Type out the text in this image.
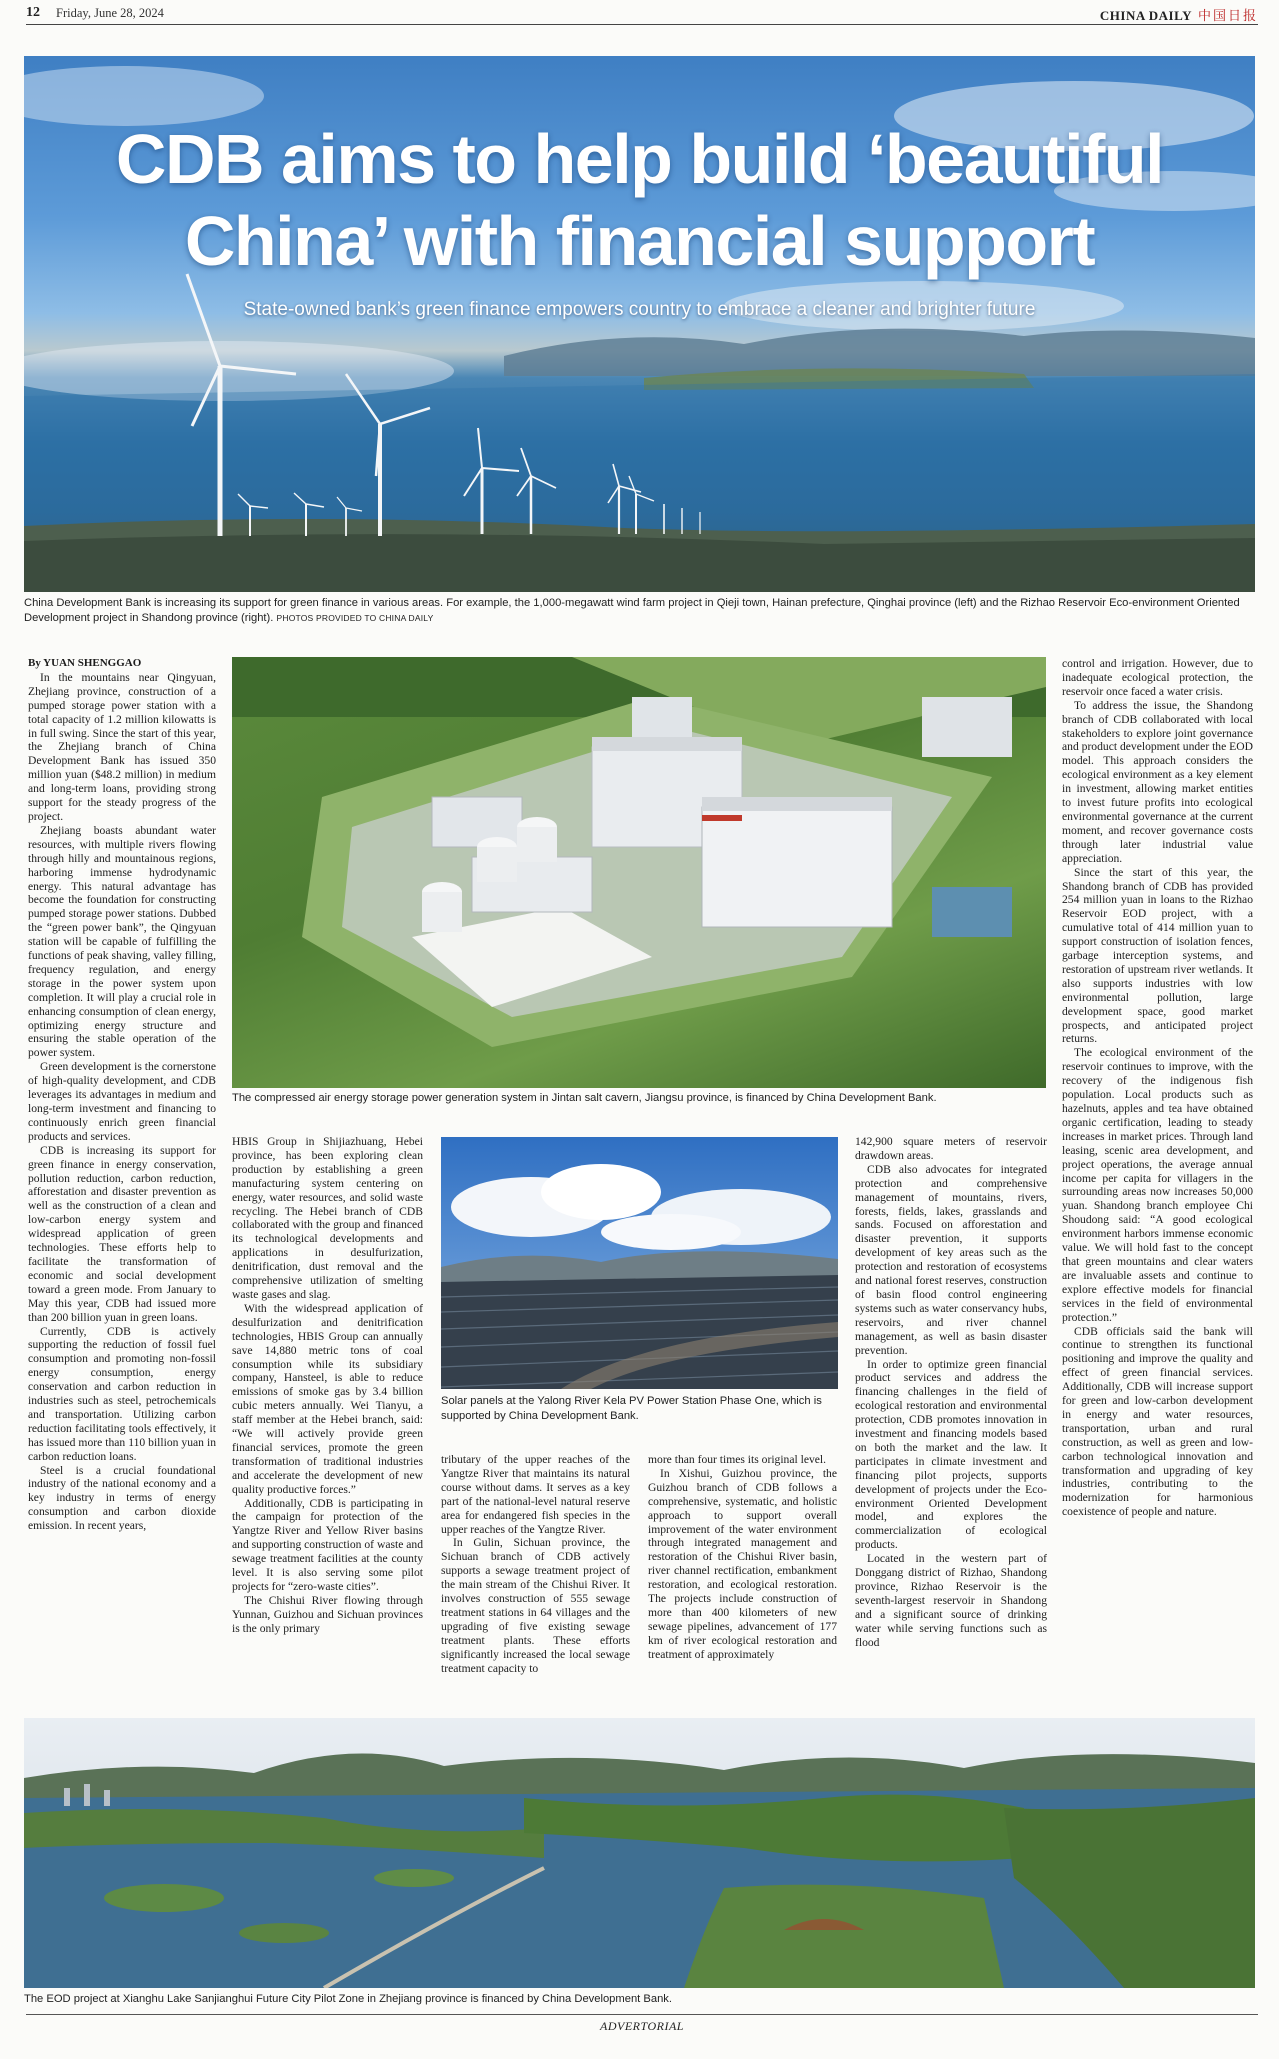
12 Friday, June 28, 2024	CHINA DAILY 中国日报
CDB aims to help build ‘beautiful
China’ with financial support
State-owned bank’s green finance empowers country to embrace a cleaner and brighter future
China Development Bank is increasing its support for green finance in various areas. For example, the 1,000-megawatt wind farm project in Qieji town, Hainan prefecture, Qinghai province (left) and the Rizhao Reservoir Eco-environment Oriented Development project in Shandong province (right). PHOTOS PROVIDED TO CHINA DAILY

By YUAN SHENGGAO

In the mountains near Qingyuan, Zhejiang province, construction of a pumped storage power station with a total capacity of 1.2 million kilowatts is in full swing. Since the start of this year, the Zhejiang branch of China Development Bank has issued 350 million yuan ($48.2 million) in medium and long-term loans, providing strong support for the steady progress of the project.

Zhejiang boasts abundant water resources, with multiple rivers flowing through hilly and mountainous regions, harboring immense hydrodynamic energy. This natural advantage has become the foundation for constructing pumped storage power stations. Dubbed the “green power bank”, the Qingyuan station will be capable of fulfilling the functions of peak shaving, valley filling, frequency regulation, and energy storage in the power system upon completion. It will play a crucial role in enhancing consumption of clean energy, optimizing energy structure and ensuring the stable operation of the power system.

Green development is the cornerstone of high-quality development, and CDB leverages its advantages in medium and long-term investment and financing to continuously enrich green financial products and services.

CDB is increasing its support for green finance in energy conservation, pollution reduction, carbon reduction, afforestation and disaster prevention as well as the construction of a clean and low-carbon energy system and widespread application of green technologies. These efforts help to facilitate the transformation of economic and social development toward a green mode. From January to May this year, CDB had issued more than 200 billion yuan in green loans.

Currently, CDB is actively supporting the reduction of fossil fuel consumption and promoting non-fossil energy consumption, energy conservation and carbon reduction in industries such as steel, petrochemicals and transportation. Utilizing carbon reduction facilitating tools effectively, it has issued more than 110 billion yuan in carbon reduction loans.

Steel is a crucial foundational industry of the national economy and a key industry in terms of energy consumption and carbon dioxide emission. In recent years,

The compressed air energy storage power generation system in Jintan salt cavern, Jiangsu province, is financed by China Development Bank.

HBIS Group in Shijiazhuang, Hebei province, has been exploring clean production by establishing a green manufacturing system centering on energy, water resources, and solid waste recycling. The Hebei branch of CDB collaborated with the group and financed its technological developments and applications in desulfurization, denitrification, dust removal and the comprehensive utilization of smelting waste gases and slag.

With the widespread application of desulfurization and denitrification technologies, HBIS Group can annually save 14,880 metric tons of coal consumption while its subsidiary company, Hansteel, is able to reduce emissions of smoke gas by 3.4 billion cubic meters annually. Wei Tianyu, a staff member at the Hebei branch, said: “We will actively provide green financial services, promote the green transformation of traditional industries and accelerate the development of new quality productive forces.”

Additionally, CDB is participating in the campaign for protection of the Yangtze River and Yellow River basins and supporting construction of waste and sewage treatment facilities at the county level. It is also serving some pilot projects for “zero-waste cities”.

The Chishui River flowing through Yunnan, Guizhou and Sichuan provinces is the only primary

Solar panels at the Yalong River Kela PV Power Station Phase One, which is supported by China Development Bank.

tributary of the upper reaches of the Yangtze River that maintains its natural course without dams. It serves as a key part of the national-level natural reserve area for endangered fish species in the upper reaches of the Yangtze River.

In Gulin, Sichuan province, the Sichuan branch of CDB actively supports a sewage treatment project of the main stream of the Chishui River. It involves construction of 555 sewage treatment stations in 64 villages and the upgrading of five existing sewage treatment plants. These efforts significantly increased the local sewage treatment capacity to

more than four times its original level.

In Xishui, Guizhou province, the Guizhou branch of CDB follows a comprehensive, systematic, and holistic approach to support overall improvement of the water environment through integrated management and restoration of the Chishui River basin, river channel rectification, embankment restoration, and ecological restoration. The projects include construction of more than 400 kilometers of new sewage pipelines, advancement of 177 km of river ecological restoration and treatment of approximately

142,900 square meters of reservoir drawdown areas.

CDB also advocates for integrated protection and comprehensive management of mountains, rivers, forests, fields, lakes, grasslands and sands. Focused on afforestation and disaster prevention, it supports development of key areas such as the protection and restoration of ecosystems and national forest reserves, construction of basin flood control engineering systems such as water conservancy hubs, reservoirs, and river channel management, as well as basin disaster prevention.

In order to optimize green financial product services and address the financing challenges in the field of ecological restoration and environmental protection, CDB promotes innovation in investment and financing models based on both the market and the law. It participates in climate investment and financing pilot projects, supports development of projects under the Eco-environment Oriented Development model, and explores the commercialization of ecological products.

Located in the western part of Donggang district of Rizhao, Shandong province, Rizhao Reservoir is the seventh-largest reservoir in Shandong and a significant source of drinking water while serving functions such as flood

control and irrigation. However, due to inadequate ecological protection, the reservoir once faced a water crisis.

To address the issue, the Shandong branch of CDB collaborated with local stakeholders to explore joint governance and product development under the EOD model. This approach considers the ecological environment as a key element in investment, allowing market entities to invest future profits into ecological environmental governance at the current moment, and recover governance costs through later industrial value appreciation.

Since the start of this year, the Shandong branch of CDB has provided 254 million yuan in loans to the Rizhao Reservoir EOD project, with a cumulative total of 414 million yuan to support construction of isolation fences, garbage interception systems, and restoration of upstream river wetlands. It also supports industries with low environmental pollution, large development space, good market prospects, and anticipated project returns.

The ecological environment of the reservoir continues to improve, with the recovery of the indigenous fish population. Local products such as hazelnuts, apples and tea have obtained organic certification, leading to steady increases in market prices. Through land leasing, scenic area development, and project operations, the average annual income per capita for villagers in the surrounding areas now increases 50,000 yuan. Shandong branch employee Chi Shoudong said: “A good ecological environment harbors immense economic value. We will hold fast to the concept that green mountains and clear waters are invaluable assets and continue to explore effective models for financial services in the field of environmental protection.”

CDB officials said the bank will continue to strengthen its functional positioning and improve the quality and effect of green financial services. Additionally, CDB will increase support for green and low-carbon development in energy and water resources, transportation, urban and rural construction, as well as green and low-carbon technological innovation and transformation and upgrading of key industries, contributing to the modernization for harmonious coexistence of people and nature.

The EOD project at Xianghu Lake Sanjianghui Future City Pilot Zone in Zhejiang province is financed by China Development Bank.
ADVERTORIAL
